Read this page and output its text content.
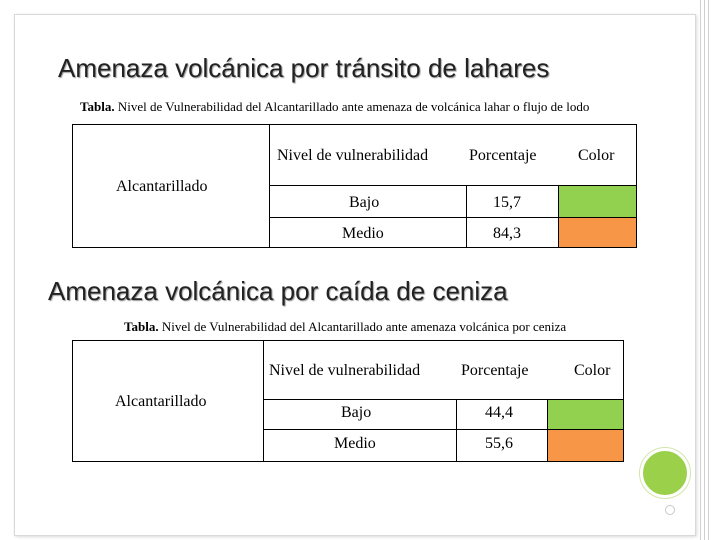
Amenaza volcánica por tránsito de lahares
Tabla. Nivel de Vulnerabilidad del Alcantarillado ante amenaza de volcánica lahar o flujo de lodo
Alcantarillado
Nivel de vulnerabilidad	Porcentaje	Color
Bajo	15,7
Medio	84,3
Amenaza volcánica por caída de ceniza
Tabla. Nivel de Vulnerabilidad del Alcantarillado ante amenaza volcánica por ceniza
Alcantarillado
Nivel de vulnerabilidad	Porcentaje	Color
Bajo	44,4
Medio	55,6
